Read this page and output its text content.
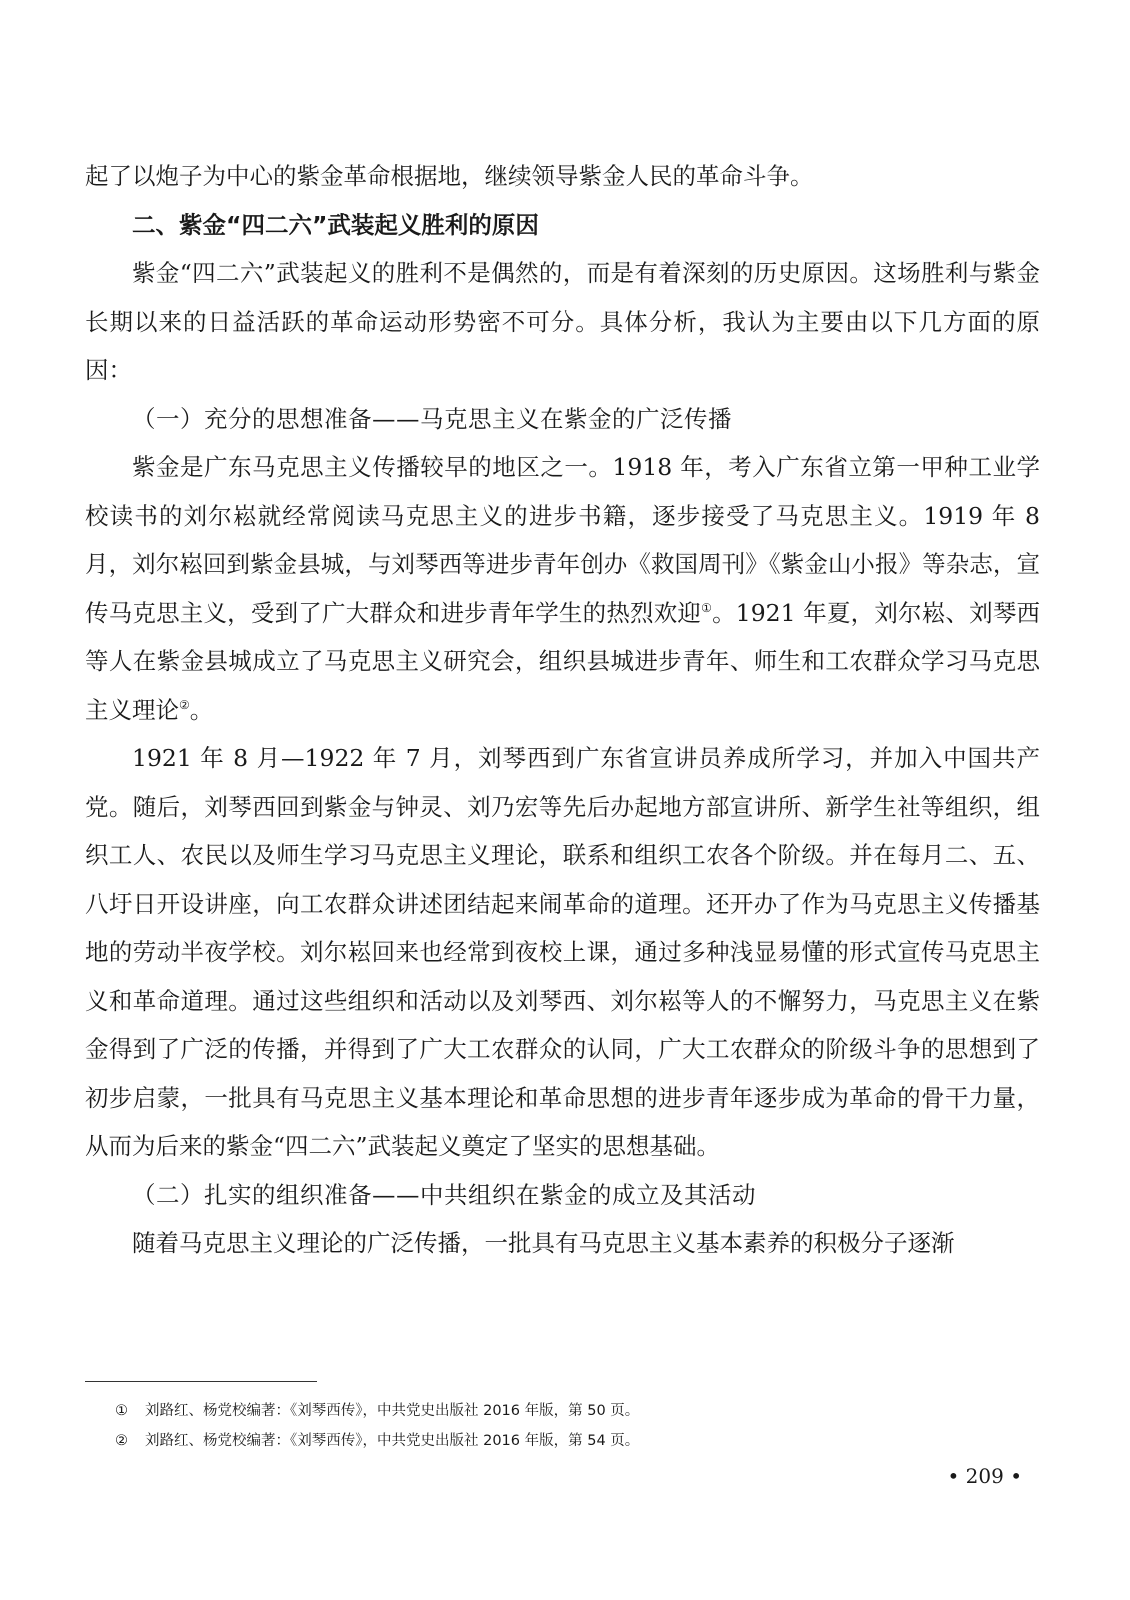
起了以炮子为中心的紫金革命根据地，继续领导紫金人民的革命斗争。

二、紫金“四二六”武装起义胜利的原因

紫金“四二六”武装起义的胜利不是偶然的，而是有着深刻的历史原因。这场胜利与紫金长期以来的日益活跃的革命运动形势密不可分。具体分析，我认为主要由以下几方面的原因：

（一）充分的思想准备——马克思主义在紫金的广泛传播

紫金是广东马克思主义传播较早的地区之一。1918 年，考入广东省立第一甲种工业学校读书的刘尔崧就经常阅读马克思主义的进步书籍，逐步接受了马克思主义。1919 年 8 月，刘尔崧回到紫金县城，与刘琴西等进步青年创办《救国周刊》《紫金山小报》等杂志，宣传马克思主义，受到了广大群众和进步青年学生的热烈欢迎①。1921 年夏，刘尔崧、刘琴西等人在紫金县城成立了马克思主义研究会，组织县城进步青年、师生和工农群众学习马克思主义理论②。

1921 年 8 月—1922 年 7 月，刘琴西到广东省宣讲员养成所学习，并加入中国共产党。随后，刘琴西回到紫金与钟灵、刘乃宏等先后办起地方部宣讲所、新学生社等组织，组织工人、农民以及师生学习马克思主义理论，联系和组织工农各个阶级。并在每月二、五、八圩日开设讲座，向工农群众讲述团结起来闹革命的道理。还开办了作为马克思主义传播基地的劳动半夜学校。刘尔崧回来也经常到夜校上课，通过多种浅显易懂的形式宣传马克思主义和革命道理。通过这些组织和活动以及刘琴西、刘尔崧等人的不懈努力，马克思主义在紫金得到了广泛的传播，并得到了广大工农群众的认同，广大工农群众的阶级斗争的思想到了初步启蒙，一批具有马克思主义基本理论和革命思想的进步青年逐步成为革命的骨干力量，从而为后来的紫金“四二六”武装起义奠定了坚实的思想基础。

（二）扎实的组织准备——中共组织在紫金的成立及其活动

随着马克思主义理论的广泛传播，一批具有马克思主义基本素养的积极分子逐渐

① 刘路红、杨党校编著：《刘琴西传》，中共党史出版社 2016 年版，第 50 页。
② 刘路红、杨党校编著：《刘琴西传》，中共党史出版社 2016 年版，第 54 页。
• 209 •
